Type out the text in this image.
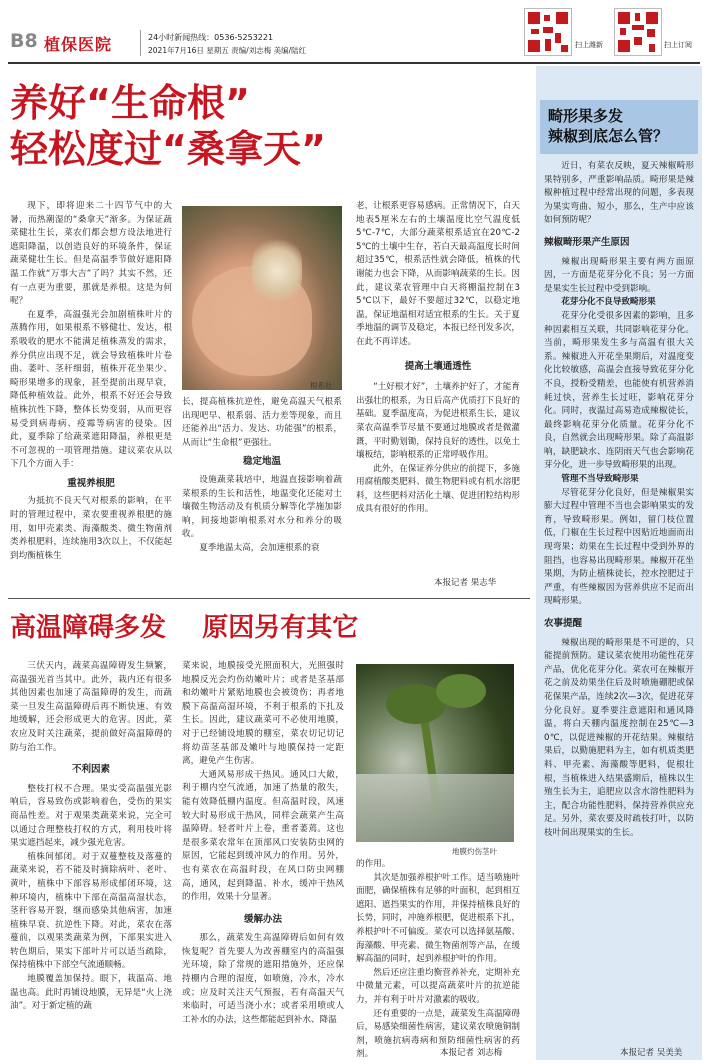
B8 植保医院	24小时新闻热线：0536-5253221
2021年7月16日 星期五 责编/刘志梅 美编/陆红
扫上潍新	扫上订阅
养好“生命根”
轻松度过“桑拿天”

现下，即将迎来二十四节气中的大暑，而热潮湿的“桑拿天”渐多。为保证蔬菜健壮生长，菜农们都会想方设法地进行遮阳降温，以创造良好的环境条件，保证蔬菜健壮生长。但是高温季节做好遮阳降温工作就“万事大吉”了吗？其实不然，还有一点更为重要，那就是养根。这是为何呢？

在夏季，高温强光会加剧植株叶片的蒸腾作用，如果根系不够健壮、发达，根系吸收的肥水不能满足植株蒸发的需求，养分供应出现不足，就会导致植株叶片卷曲、萎叶、茎秆细弱，植株开花坐果少、畸形果增多的现象，甚至提前出现早衰，降低种植效益。此外，根系不好还会导致植株抗性下降，整体长势变弱，从而更容易受到病毒病、疫霉等病害的侵染。因此，夏季除了给蔬菜遮阳降温，养根更是不可忽视的一项管理措施。建议菜农从以下几个方面入手：

重视养根肥

为抵抗不良天气对根系的影响，在平时的管理过程中，菜农要重视养根肥的施用，如甲壳素类、海藻酸类、微生物菌剂类养根肥料，连续施用3次以上，不仅能起到均衡植株生

根系壮

长，提高植株抗逆性，避免高温天气根系出现吧早、根系弱、活力差等现象，而且还能养出“活力、发达、功能强”的根系，从而让“生命根”更强壮。

稳定地温

设施蔬菜栽培中，地温直接影响着蔬菜根系的生长和活性，地温变化还能对土壤微生物活动及有机质分解等化学施加影响，间接地影响根系对水分和养分的吸收。

夏季地温太高，会加速根系的衰

老，让根系更容易感病。正常情况下，白天地表5厘米左右的土壤温度比空气温度低5℃-7℃，大部分蔬菜根系适宜在20℃-25℃的土壤中生存，若白天最高温度长时间超过35℃，根系活性就会降低，植株的代谢能力也会下降，从而影响蔬菜的生长。因此，建议菜农管理中白天将棚温控制在35℃以下，最好不要超过32℃，以稳定地温，保证地温相对适宜根系的生长。关于夏季地温的调节及稳定，本报已经刊发多次，在此不再详述。

提高土壤通透性

“土好根才好”，土壤养护好了，才能育出强壮的根系，为日后高产优质打下良好的基础。夏季温度高，为促进根系生长，建议菜农高温季节尽量不要通过地膜或者是微灌溉，平时勤划锄，保持良好的透性，以免土壤板结，影响根系的正常呼吸作用。

此外，在保证养分供应的前提下，多施用腐植酸类肥料、微生物肥料或有机水溶肥料，这些肥料对活化土壤、促进团粒结构形成具有很好的作用。

本报记者 果志华
高温障碍多发    原因另有其它

三伏天内，蔬菜高温障碍发生频繁，高温强光首当其中。此外，栽内还有很多其他因素也加速了高温障碍的发生，而蔬菜一旦发生高温障碍后再不断快速、有效地缓解，还会形成更大的危害。因此，菜农应及时关注蔬菜，提前做好高温障碍的防与治工作。

不利因素

整枝打权不合理。果实受高温强光影响后，容易致伤或影响着色，受伤的果实商品性差。对于观果类蔬菜来说，完全可以通过合理整枝打权的方式，利用枝叶将果实遮挡起来，减少强光危害。

植株间郁闭。对于双蔓整枝及落蔓的蔬菜来说，若不能及时摘除病叶、老叶、黄叶，植株中下部容易形成郁闭环境，这种环境内，植株中下部在高温高湿状态，茎秆容易开裂，继而感染其他病害，加速植株早衰、抗逆性下降。对此，菜农在落蔓前，以观果类蔬菜为例，下部果实进入转色期后，果实下部叶片可以适当疏除，保持植株中下部空气流通顺畅。

地膜覆盖加保持。眼下，栽温高、地温也高。此时再铺设地膜，无异是“火上浇油”。对于新定植的蔬

菜来说，地膜接受光照面积大，光照强时地膜反光会灼伤幼嫩叶片；或者是茎基部和幼嫩叶片紧贴地膜也会被烫伤；再者地膜下高温高湿环境，不利于根系的下扎及生长。因此，建议蔬菜可不必使用地膜，对于已经铺设地膜的棚室，菜农切记切记将幼苗茎基部及嫩叶与地膜保持一定距离，避免产生伤害。

大通风易形成干热风。通风口大敞，利于棚内空气流通，加速了热量的散失，能有效降低棚内温度。但高温时段，风速较大时易形成干热风，同样会蔬菜产生高温障碍。轻者叶片上卷，重者萎蔫。这也是很多菜农常年在顶部风口安装防虫网的原因，它能起到缓冲风力的作用。另外，也有菜农在高温时段，在风口防虫网棚高，通风，起到降温、补水，缓冲干热风的作用，效果十分显著。

缓解办法

那么，蔬菜发生高温障碍后如何有效恢复呢？首先要人为改善棚室内的高温强光环境，除了常规的遮阳措施外，还应保持棚内合理的湿度，如喷施，冷水，冷水或；应及时关注天气预报，若有高温天气来临时，可适当浇小水；或者采用喷或人工补水的办法，这些都能起到补水、降温

地膜灼伤茎叶

的作用。

其次是加强养根护叶工作。适当喷施叶面肥，确保植株有足够的叶面积，起到相互遮阳、遮挡果实的作用，并保持植株良好的长势，同时，冲施养根肥，促进根系下扎，养根护叶不可偏废。菜农可以选择氨基酸、海藻酸、甲壳素、微生物菌剂等产品，在缓解高温的同时，起到养根护叶的作用。

然后还应注重均衡营养补充，定期补充中微量元素，可以提高蔬菜叶片的抗逆能力，并有利于叶片对激素的吸收。

还有重要的一点是，蔬菜发生高温障碍后，易感染细菌性病害，建议菜农喷施铜制剂，喷施抗病毒病和预防细菌性病害的药剂。	本报记者 刘志梅
畸形果多发
辣椒到底怎么管？

近日，有菜农反映，夏天辣椒畸形果特别多，严重影响品质。畸形果是辣椒种植过程中经常出现的问题，多表现为果实弯曲、短小，那么，生产中应该如何预防呢？

辣椒畸形果产生原因

辣椒出现畸形果主要有两方面原因，一方面是花芽分化不良；另一方面是果实生长过程中受到影响。

花芽分化不良导致畸形果

花芽分化受很多因素的影响，且多种因素相互关联，共同影响花芽分化。当前，畸形果发生多与高温有很大关系。辣椒进入开花坐果期后，对温度变化比较敏感，高温会直接导致花芽分化不良，授粉受精差，也能使有机营养消耗过快，营养生长过旺，影响花芽分化。同时，夜温过高易造成辣椒徒长，最终影响花芽分化质量。花芽分化不良，自然就会出现畸形果。除了高温影响，缺肥缺水、连阴雨天气也会影响花芽分化，进一步导致畸形果的出现。

管理不当导致畸形果

尽管花芽分化良好，但是辣椒果实膨大过程中管理不当也会影响果实的发育，导致畸形果。例如，留门枝位置低，门椒在生长过程中因贴近地面而出现弯果；幼果在生长过程中受到外界的阻挡，也容易出现畸形果。辣椒开花坐果期，为防止植株徒长，控水控肥过于严重，有些辣椒因为营养供应不足而出现畸形果。

农事提醒

辣椒出现的畸形果是不可逆的，只能提前预防。建议菜农使用功能性花芽产品，优化花芽分化。菜农可在辣椒开花之前及幼果坐住后及时喷施硼肥或保花保果产品，连续2次—3次，促进花芽分化良好。夏季要注意遮阳和通风降温，将白天棚内温度控制在25℃—30℃，以促进辣椒的开花结果。辣椒结果后，以勤施肥料为主，如有机质类肥料、甲壳素、海藻酸等肥料，促根壮根，当植株进入结果盛期后，植株以生殖生长为主，追肥应以含水溶性肥料为主，配合功能性肥料，保持营养供应充足。另外，菜农要及时疏枝打叶，以防枝叶间出现果实的生长。

本报记者 吴美美
